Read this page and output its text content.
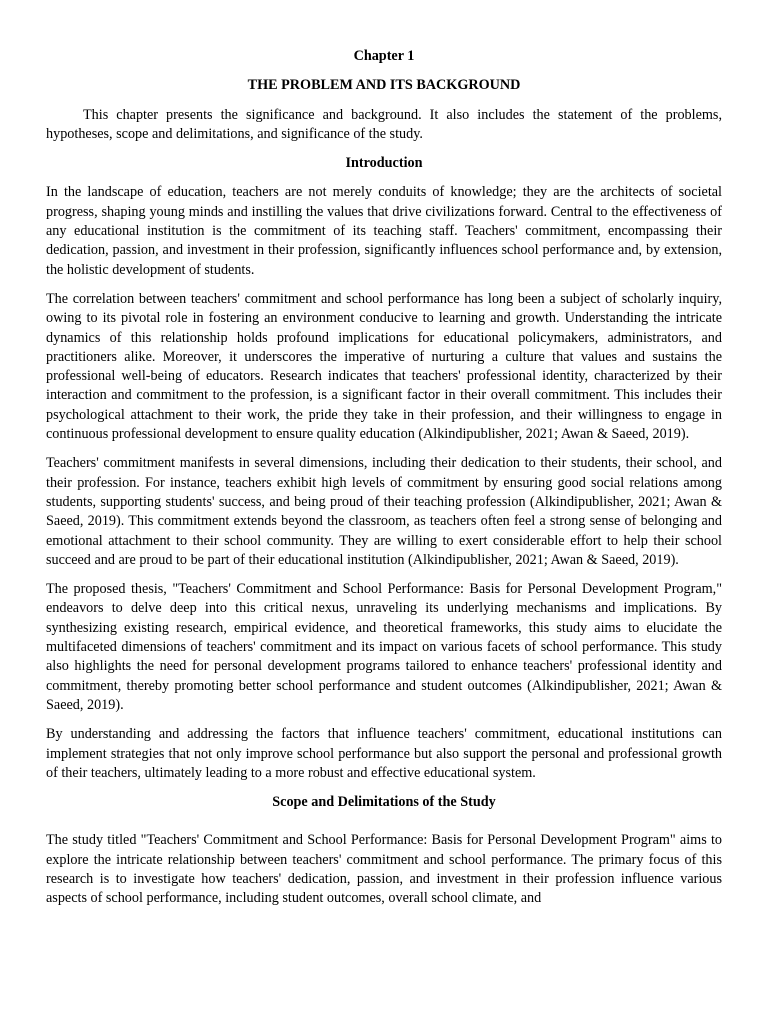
Chapter 1

THE PROBLEM AND ITS BACKGROUND

This chapter presents the significance and background. It also includes the statement of the problems, hypotheses, scope and delimitations, and significance of the study.

Introduction

In the landscape of education, teachers are not merely conduits of knowledge; they are the architects of societal progress, shaping young minds and instilling the values that drive civilizations forward. Central to the effectiveness of any educational institution is the commitment of its teaching staff. Teachers' commitment, encompassing their dedication, passion, and investment in their profession, significantly influences school performance and, by extension, the holistic development of students.

The correlation between teachers' commitment and school performance has long been a subject of scholarly inquiry, owing to its pivotal role in fostering an environment conducive to learning and growth. Understanding the intricate dynamics of this relationship holds profound implications for educational policymakers, administrators, and practitioners alike. Moreover, it underscores the imperative of nurturing a culture that values and sustains the professional well-being of educators. Research indicates that teachers' professional identity, characterized by their interaction and commitment to the profession, is a significant factor in their overall commitment. This includes their psychological attachment to their work, the pride they take in their profession, and their willingness to engage in continuous professional development to ensure quality education (Alkindipublisher, 2021; Awan & Saeed, 2019).

Teachers' commitment manifests in several dimensions, including their dedication to their students, their school, and their profession. For instance, teachers exhibit high levels of commitment by ensuring good social relations among students, supporting students' success, and being proud of their teaching profession (Alkindipublisher, 2021; Awan & Saeed, 2019). This commitment extends beyond the classroom, as teachers often feel a strong sense of belonging and emotional attachment to their school community. They are willing to exert considerable effort to help their school succeed and are proud to be part of their educational institution (Alkindipublisher, 2021; Awan & Saeed, 2019).

The proposed thesis, "Teachers' Commitment and School Performance: Basis for Personal Development Program," endeavors to delve deep into this critical nexus, unraveling its underlying mechanisms and implications. By synthesizing existing research, empirical evidence, and theoretical frameworks, this study aims to elucidate the multifaceted dimensions of teachers' commitment and its impact on various facets of school performance. This study also highlights the need for personal development programs tailored to enhance teachers' professional identity and commitment, thereby promoting better school performance and student outcomes (Alkindipublisher, 2021; Awan & Saeed, 2019).

By understanding and addressing the factors that influence teachers' commitment, educational institutions can implement strategies that not only improve school performance but also support the personal and professional growth of their teachers, ultimately leading to a more robust and effective educational system.

Scope and Delimitations of the Study

The study titled "Teachers' Commitment and School Performance: Basis for Personal Development Program" aims to explore the intricate relationship between teachers' commitment and school performance. The primary focus of this research is to investigate how teachers' dedication, passion, and investment in their profession influence various aspects of school performance, including student outcomes, overall school climate, and
